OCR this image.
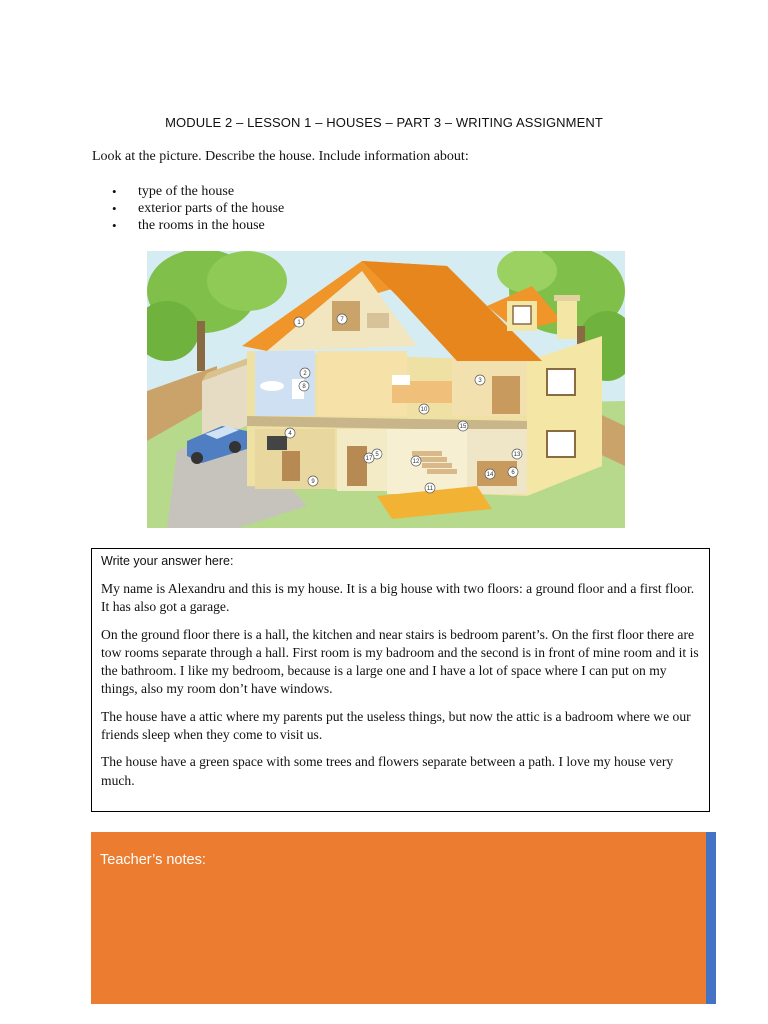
MODULE 2 – LESSON 1 – HOUSES – PART 3 – WRITING ASSIGNMENT
Look at the picture. Describe the house. Include information about:
• type of the house
• exterior parts of the house
• the rooms in the house
1
2
3
4
5
6
7
8
9
10
11
12
13
14
15
17
Write your answer here:

My name is Alexandru and this is my house. It is a big house with two floors: a ground floor and a first floor. It has also got a garage.

On the ground floor there is a hall, the kitchen and near stairs is bedroom parent’s. On the first floor there are tow rooms separate through a hall. First room is my badroom and the second is in front of mine room and it is the bathroom. I like my bedroom, because is a large one and I have a lot of space where I can put on my things, also my room don’t have windows.

The house have a attic where my parents put the useless things, but now the attic is a badroom where we our friends sleep when they come to visit us.

The house have a green space with some trees and flowers separate between a path. I love my house very much.

Teacher’s notes:
